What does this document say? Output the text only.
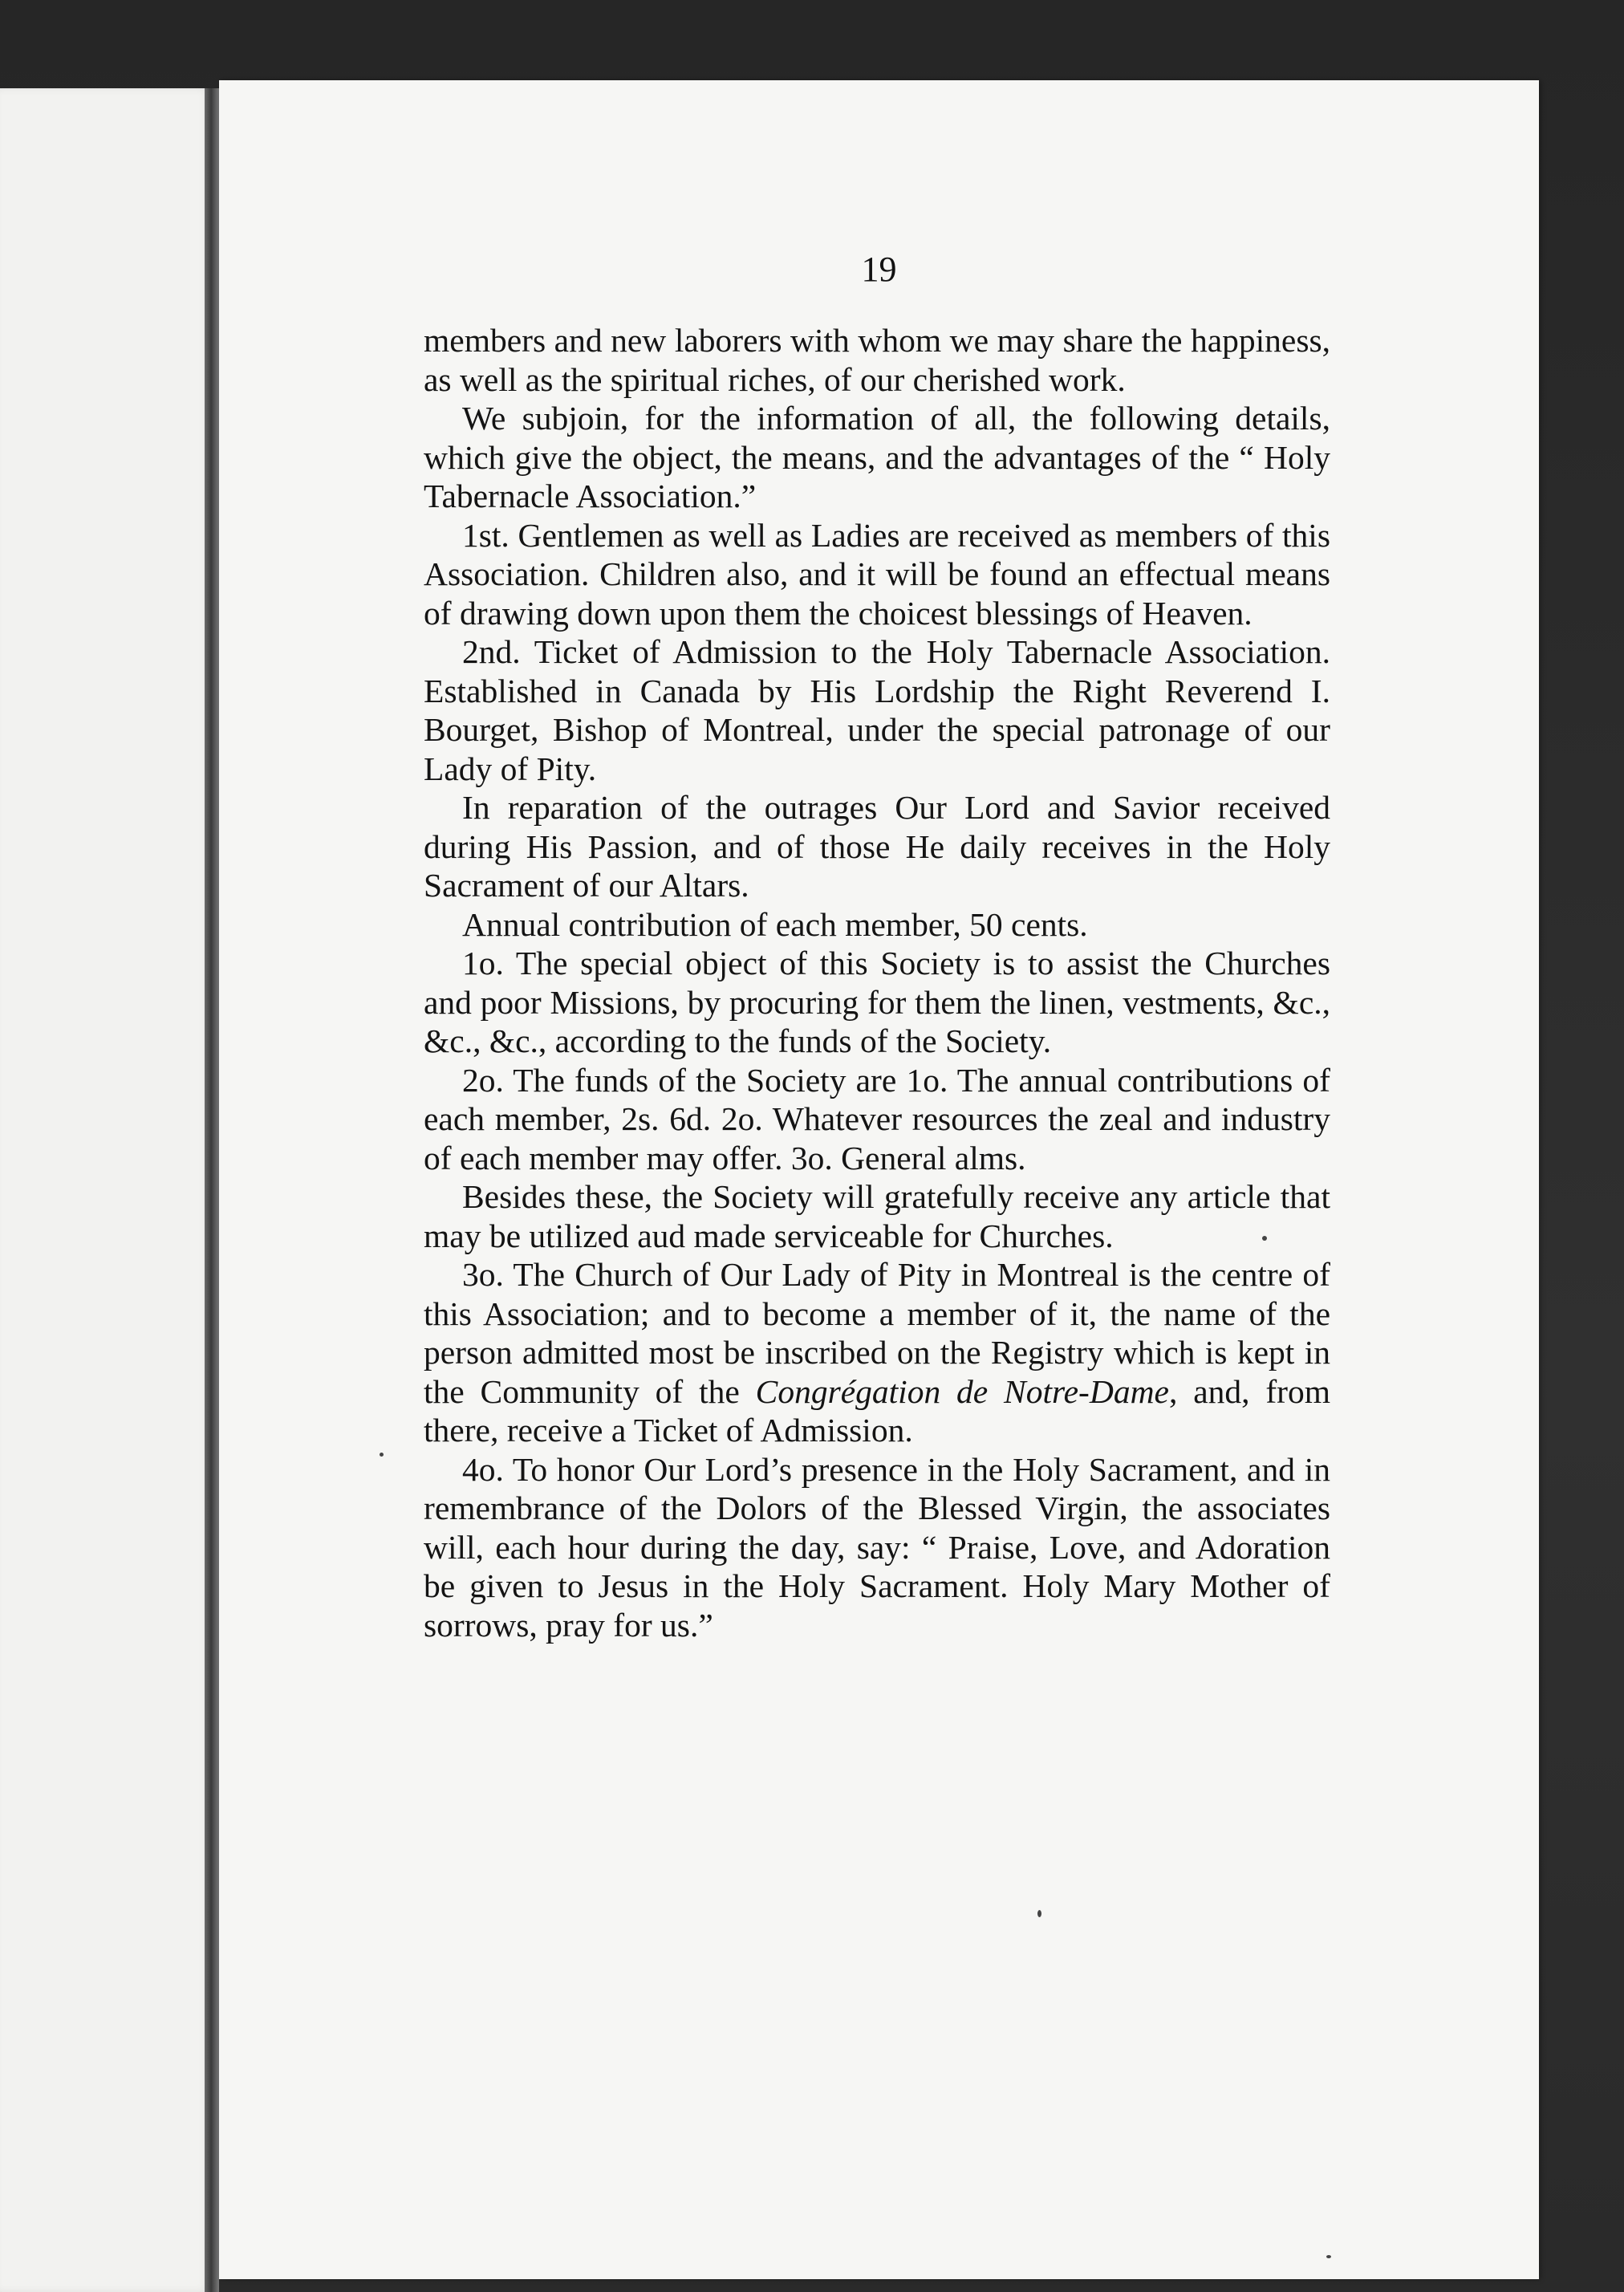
19

members and new laborers with whom we may share the happiness, as well as the spiritual riches, of our cherished work.

We subjoin, for the information of all, the following details, which give the object, the means, and the advantages of the “ Holy Tabernacle Association.”

1st. Gentlemen as well as Ladies are received as members of this Association. Children also, and it will be found an effectual means of drawing down upon them the choicest blessings of Heaven.

2nd. Ticket of Admission to the Holy Tabernacle Association. Established in Canada by His Lordship the Right Reverend I. Bourget, Bishop of Montreal, under the special patronage of our Lady of Pity.

In reparation of the outrages Our Lord and Savior received during His Passion, and of those He daily receives in the Holy Sacrament of our Altars.

Annual contribution of each member, 50 cents.

1o. The special object of this Society is to assist the Churches and poor Missions, by procuring for them the linen, vestments, &c., &c., &c., according to the funds of the Society.

2o. The funds of the Society are 1o. The annual contributions of each member, 2s. 6d. 2o. Whatever resources the zeal and industry of each member may offer. 3o. General alms.

Besides these, the Society will gratefully receive any article that may be utilized aud made serviceable for Churches.

3o. The Church of Our Lady of Pity in Montreal is the centre of this Association; and to become a member of it, the name of the person admitted most be inscribed on the Registry which is kept in the Community of the Congrégation de Notre-Dame, and, from there, receive a Ticket of Admission.

4o. To honor Our Lord’s presence in the Holy Sacrament, and in remembrance of the Dolors of the Blessed Virgin, the associates will, each hour during the day, say: “ Praise, Love, and Adoration be given to Jesus in the Holy Sacrament. Holy Mary Mother of sorrows, pray for us.”
